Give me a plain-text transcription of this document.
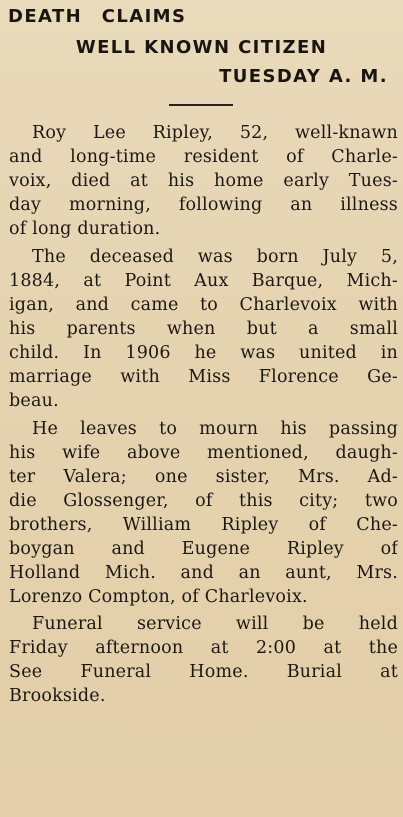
DEATH CLAIMS
WELL KNOWN CITIZEN
TUESDAY A. M.
Roy Lee Ripley, 52, well-knawn
and long-time resident of Charle-
voix, died at his home early Tues-
day morning, following an illness
of long duration.
The deceased was born July 5,
1884, at Point Aux Barque, Mich-
igan, and came to Charlevoix with
his parents when but a small
child. In 1906 he was united in
marriage with Miss Florence Ge-
beau.
He leaves to mourn his passing
his wife above mentioned, daugh-
ter Valera; one sister, Mrs. Ad-
die Glossenger, of this city; two
brothers, William Ripley of Che-
boygan and Eugene Ripley of
Holland Mich. and an aunt, Mrs.
Lorenzo Compton, of Charlevoix.
Funeral service will be held
Friday afternoon at 2:00 at the
See Funeral Home. Burial at
Brookside.
